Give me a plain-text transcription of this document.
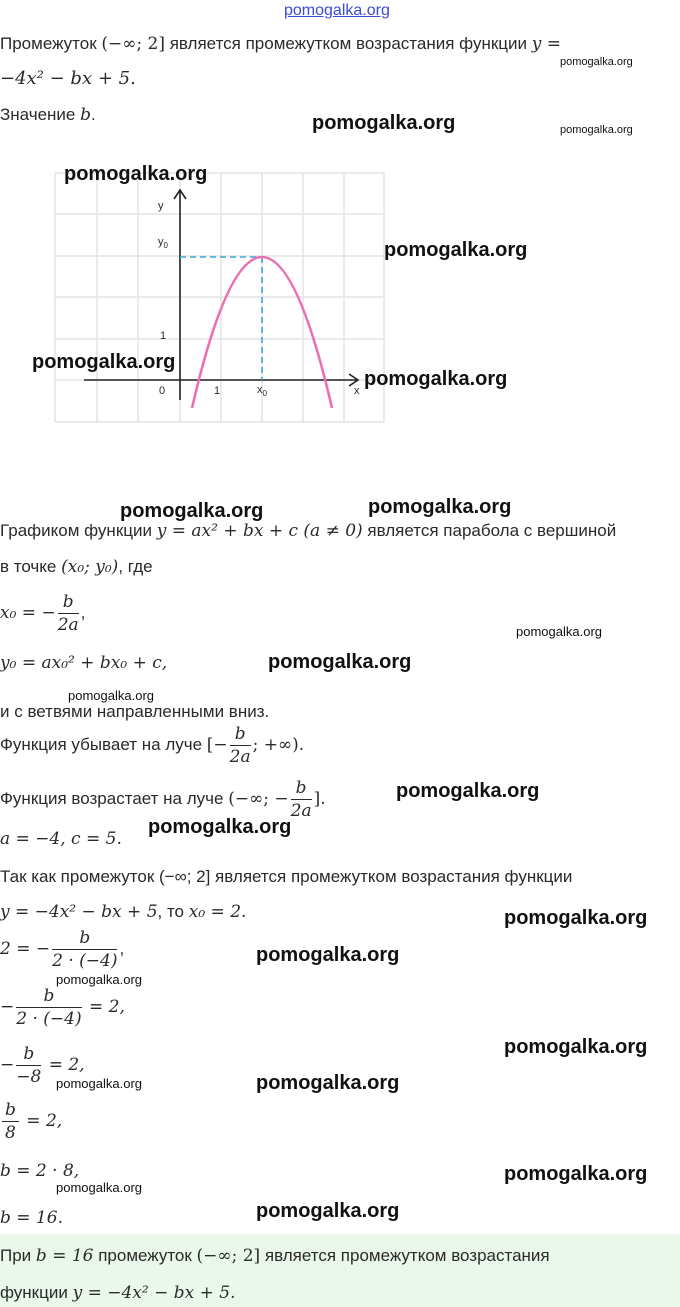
pomogalka.org
Промежуток (−∞; 2] является промежутком возрастания функции y =
−4x² − bx + 5.
Значение b.
y
$y_0$
1
0	1	$x_0$	x
Графиком функции y = ax² + bx + c (a ≠ 0) является парабола с вершиной
в точке (x₀; y₀), где
x₀ = − $\frac{b}{2a}$ ,
y₀ = ax₀² + bx₀ + c,
и с ветвями направленными вниз.
Функция убывает на луче [− $\frac{b}{2a}$ ; +∞).
Функция возрастает на луче (−∞; − $\frac{b}{2a}$ ].
a = −4, c = 5.
Так как промежуток (−∞; 2] является промежутком возрастания функции
y = −4x² − bx + 5, то x₀ = 2.
2 = − $\frac{b}{2 \cdot (-4)}$ ,
− $\frac{b}{2 \cdot (-4)} = 2$,
− $\frac{b}{-8} = 2$,
$\frac{b}{8} = 2$,
b = 2 · 8,
b = 16.
При b = 16 промежуток (−∞; 2] является промежутком возрастания
функции y = −4x² − bx + 5.
pomogalka.org
pomogalka.org	pomogalka.org
pomogalka.org
pomogalka.org
pomogalka.org
pomogalka.org
pomogalka.org	pomogalka.org
pomogalka.org
pomogalka.org
pomogalka.org
pomogalka.org
pomogalka.org
pomogalka.org
pomogalka.org
pomogalka.org
pomogalka.org
pomogalka.org
pomogalka.org
pomogalka.org
pomogalka.org
pomogalka.org
